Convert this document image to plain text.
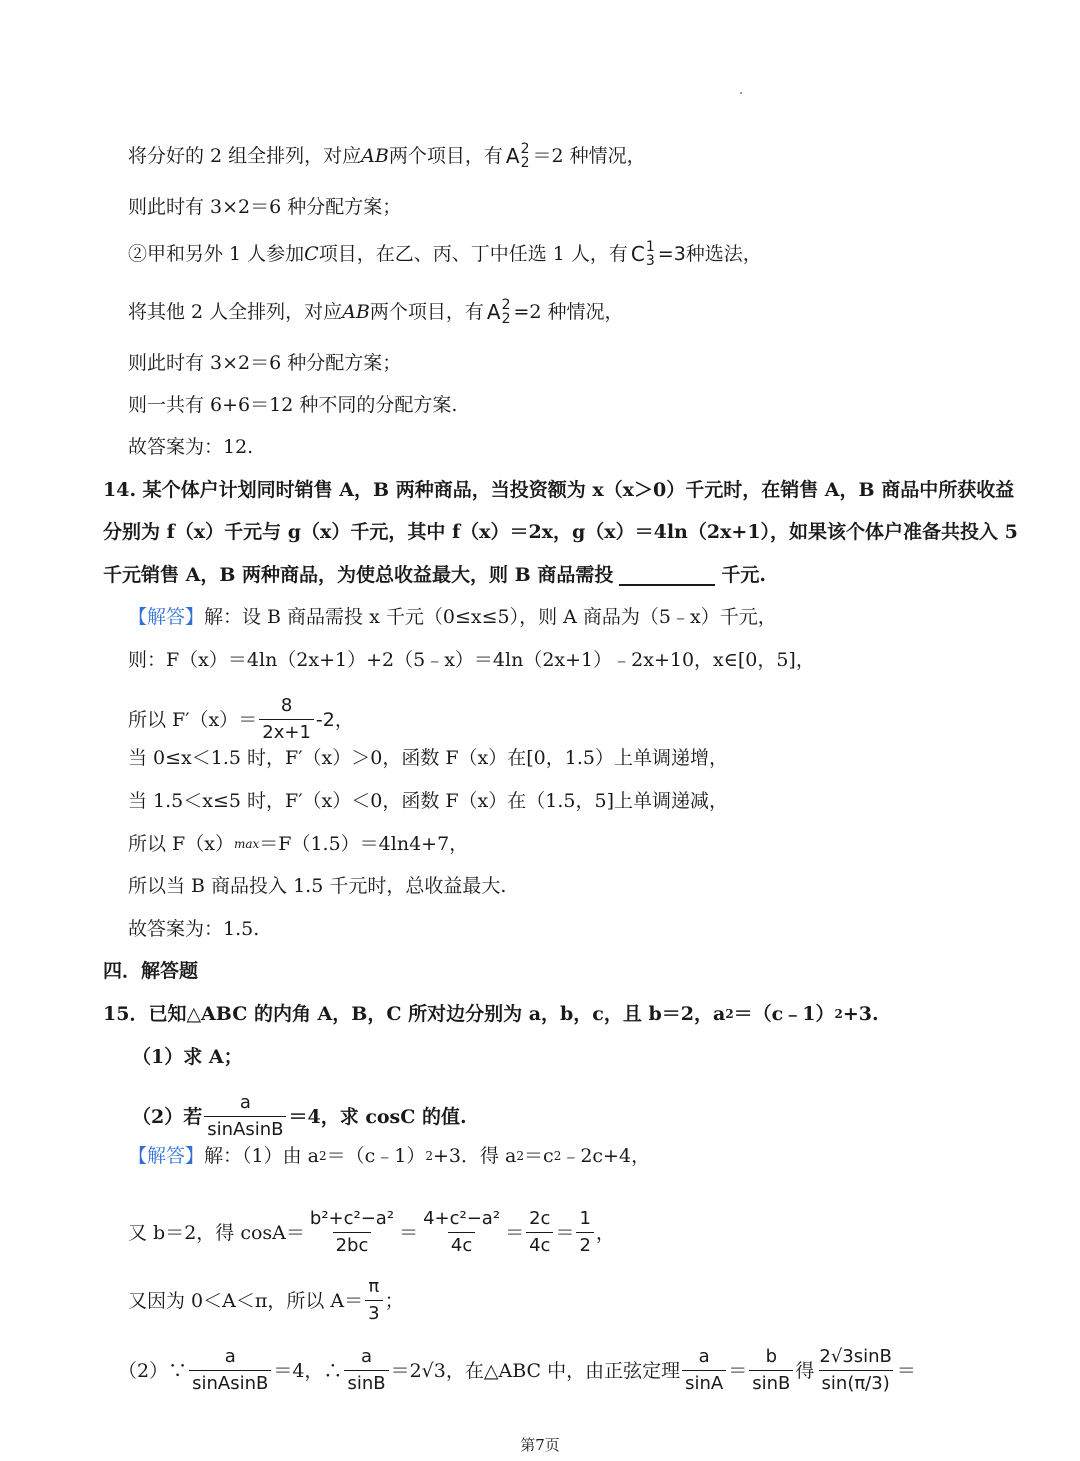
将分好的 2 组全排列，对应 AB 两个项目，有 A 2
2 ＝2 种情况，
则此时有 3×2＝6 种分配方案；
②甲和另外 1 人参加 C 项目，在乙、丙、丁中任选 1 人，有 C 1
3 =3种选法，
将其他 2 人全排列，对应 AB 两个项目，有 A 2
2 =2 种情况，
则此时有 3×2＝6 种分配方案；
则一共有 6+6＝12 种不同的分配方案.
故答案为：12.
14. 某个体户计划同时销售 A，B 两种商品，当投资额为 x（x＞0）千元时，在销售 A，B 商品中所获收益
分别为 f（x）千元与 g（x）千元，其中 f（x）＝2x，g（x）＝4ln（2x+1），如果该个体户准备共投入 5
千元销售 A，B 两种商品，为使总收益最大，则 B 商品需投	千元.
【解答】 解：设 B 商品需投 x 千元（0≤x≤5），则 A 商品为（5﹣x）千元，
则：F（x）＝4ln（2x+1）+2（5﹣x）＝4ln（2x+1）﹣2x+10，x∈[0，5]，
所以 $F'(x)= \frac{8}{2x+1} -2$，
当 0≤x＜1.5 时，F′（x）＞0，函数 F（x）在[0，1.5）上单调递增，
当 1.5＜x≤5 时，F′（x）＜0，函数 F（x）在（1.5，5]上单调递减，
所以 F（x） max ＝F（1.5）＝4ln4+7，
所以当 B 商品投入 1.5 千元时，总收益最大.
故答案为：1.5.
四．解答题
15．已知△ABC 的内角 A，B，C 所对边分别为 a，b，c，且 b＝2，a 2 ＝（c﹣1） 2 +3.
（1）求 A；
（2）若 $\frac{a}{\text{sinAsinB}} =4$，求 cosC 的值.
【解答】 解：（1）由 a 2 ＝（c﹣1） 2 +3．得 a 2 ＝c 2 ﹣2c+4，
又 b＝2，得 $\cos A= \frac{\text{b²+c²−a²}}{2bc} = \frac{\text{4+c²−a²}}{4c} = \frac{2c}{4c} = \frac{1}{2}$ ，
又因为 0＜A＜π，所以 $A= \frac{\pi}{3}$ ；
（2）∵ $\frac{a}{\text{sinAsinB}} =4$，∴ $\frac{a}{\sin B} =2√3$，在△ABC 中，由正弦定理 $\frac{a}{\sin A} = \frac{b}{\sin B}$ 得 $\frac{2√3\sin B}{\sin(\pi/3)}$ ＝
第7页
